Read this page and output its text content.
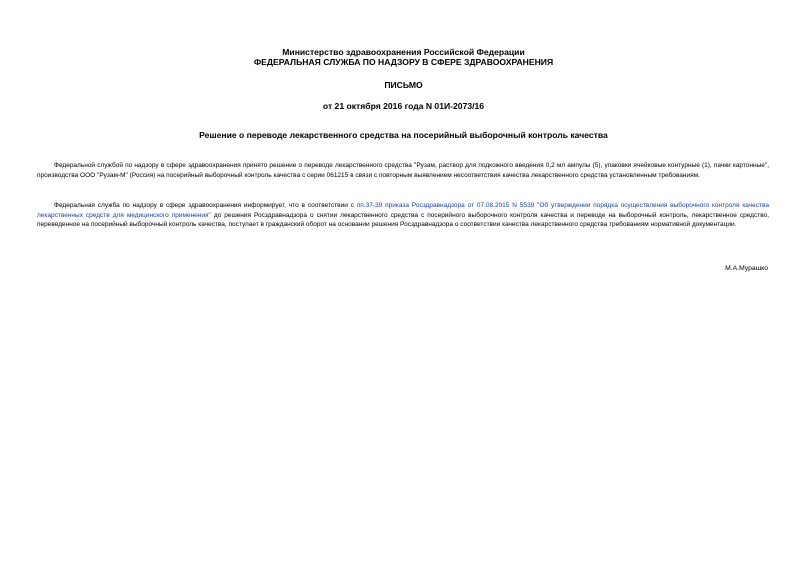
Министерство здравоохранения Российской Федерации
ФЕДЕРАЛЬНАЯ СЛУЖБА ПО НАДЗОРУ В СФЕРЕ ЗДРАВООХРАНЕНИЯ
ПИСЬМО
от 21 октября 2016 года N 01И-2073/16
Решение о переводе лекарственного средства на посерийный выборочный контроль качества
Федеральной службой по надзору в сфере здравоохранения принято решение о переводе лекарственного средства "Рузам, раствор для подкожного введения 0,2 мл ампулы (5), упаковки ячейковые контурные (1), пачки картонные", производства ООО "Рузам-М" (Россия) на посерийный выборочный контроль качества с серии 061215 в связи с повторным выявлением несоответствия качества лекарственного средства установленным требованиям.
Федеральная служба по надзору в сфере здравоохранения информирует, что в соответствии с пп.37-39 приказа Росздравнадзора от 07.08.2015 N 5539 "Об утверждении порядка осуществления выборочного контроля качества лекарственных средств для медицинского применения" до решения Росздравнадзора о снятии лекарственного средства с посерийного выборочного контроля качества и переводе на выборочный контроль, лекарственное средство, переведенное на посерийный выборочный контроль качества, поступает в гражданский оборот на основании решения Росздравнадзора о соответствии качества лекарственного средства требованиям нормативной документации.
М.А.Мурашко
